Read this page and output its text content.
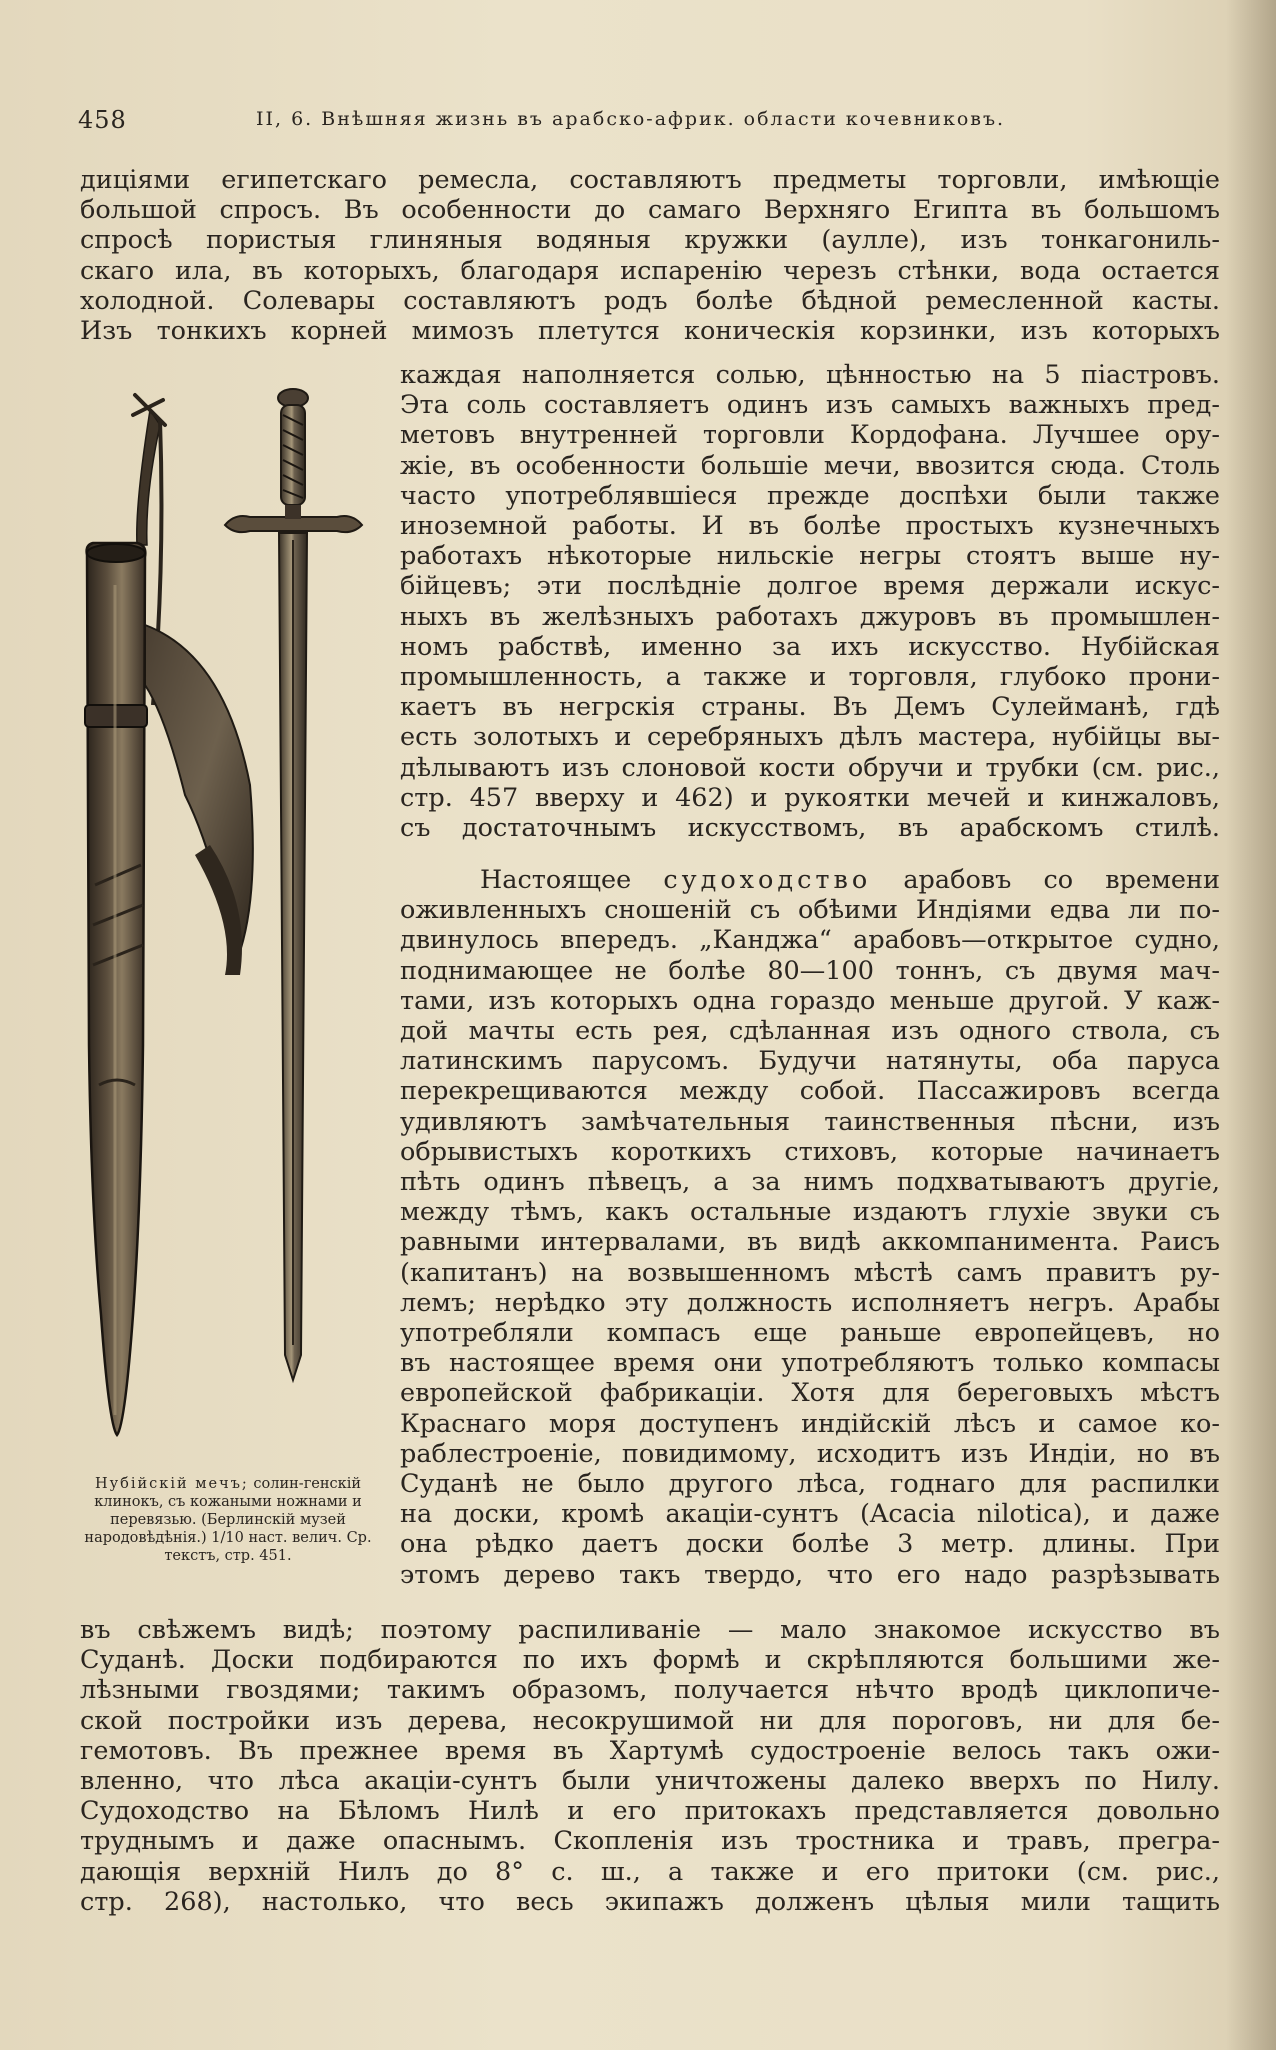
458	II, 6. Внѣшняя жизнь въ арабско-африк. области кочевниковъ.
диціями египетскаго ремесла, составляютъ предметы торговли, имѣющіе
большой спросъ. Въ особенности до самаго Верхняго Египта въ большомъ
спросѣ пористыя глиняныя водяныя кружки (аулле), изъ тонкагониль-
скаго ила, въ которыхъ, благодаря испаренію черезъ стѣнки, вода остается
холодной. Солевары составляютъ родъ болѣе бѣдной ремесленной касты.
Изъ тонкихъ корней мимозъ плетутся коническія корзинки, изъ которыхъ
каждая наполняется солью, цѣнностью на 5 піастровъ.
Эта соль составляетъ одинъ изъ самыхъ важныхъ пред-
метовъ внутренней торговли Кордофана. Лучшее ору-
жіе, въ особенности большіе мечи, ввозится сюда. Столь
часто употреблявшіеся прежде доспѣхи были также
иноземной работы. И въ болѣе простыхъ кузнечныхъ
работахъ нѣкоторые нильскіе негры стоятъ выше ну-
бійцевъ; эти послѣдніе долгое время держали искус-
ныхъ въ желѣзныхъ работахъ джуровъ въ промышлен-
номъ рабствѣ, именно за ихъ искусство. Нубійская
промышленность, а также и торговля, глубоко прони-
каетъ въ негрскія страны. Въ Демъ Сулейманѣ, гдѣ
есть золотыхъ и серебряныхъ дѣлъ мастера, нубійцы вы-
дѣлываютъ изъ слоновой кости обручи и трубки (см. рис.,
стр. 457 вверху и 462) и рукоятки мечей и кинжаловъ,
съ достаточнымъ искусствомъ, въ арабскомъ стилѣ.
Настоящее судоходство арабовъ со времени
оживленныхъ сношеній съ обѣими Индіями едва ли по-
двинулось впередъ. „Канджа“ арабовъ—открытое судно,
поднимающее не болѣе 80—100 тоннъ, съ двумя мач-
тами, изъ которыхъ одна гораздо меньше другой. У каж-
дой мачты есть рея, сдѣланная изъ одного ствола, съ
латинскимъ парусомъ. Будучи натянуты, оба паруса
перекрещиваются между собой. Пассажировъ всегда
удивляютъ замѣчательныя таинственныя пѣсни, изъ
обрывистыхъ короткихъ стиховъ, которые начинаетъ
пѣть одинъ пѣвецъ, а за нимъ подхватываютъ другіе,
между тѣмъ, какъ остальные издаютъ глухіе звуки съ
равными интервалами, въ видѣ аккомпанимента. Раисъ
(капитанъ) на возвышенномъ мѣстѣ самъ правитъ ру-
лемъ; нерѣдко эту должность исполняетъ негръ. Арабы
употребляли компасъ еще раньше европейцевъ, но
въ настоящее время они употребляютъ только компасы
европейской фабрикаціи. Хотя для береговыхъ мѣстъ
Краснаго моря доступенъ индійскій лѣсъ и самое ко-
раблестроеніе, повидимому, исходитъ изъ Индіи, но въ
Суданѣ не было другого лѣса, годнаго для распилки
на доски, кромѣ акаціи-сунтъ (Acacia nilotica), и даже
она рѣдко даетъ доски болѣе 3 метр. длины. При
этомъ дерево такъ твердо, что его надо разрѣзывать
въ свѣжемъ видѣ; поэтому распиливаніе — мало знакомое искусство въ
Суданѣ. Доски подбираются по ихъ формѣ и скрѣпляются большими же-
лѣзными гвоздями; такимъ образомъ, получается нѣчто вродѣ циклопиче-
ской постройки изъ дерева, несокрушимой ни для пороговъ, ни для бе-
гемотовъ. Въ прежнее время въ Хартумѣ судостроеніе велось такъ ожи-
вленно, что лѣса акаціи-сунтъ были уничтожены далеко вверхъ по Нилу.
Судоходство на Бѣломъ Нилѣ и его притокахъ представляется довольно
труднымъ и даже опаснымъ. Скопленія изъ тростника и травъ, прегра-
дающія верхній Нилъ до 8° с. ш., а также и его притоки (см. рис.,
стр. 268), настолько, что весь экипажъ долженъ цѣлыя мили тащить
Нубійскій мечъ; солин-генскій клинокъ, съ кожаными ножнами и перевязью. (Берлинскій музей народовѣдѣнія.) 1/10 наст. велич. Ср. текстъ, стр. 451.
